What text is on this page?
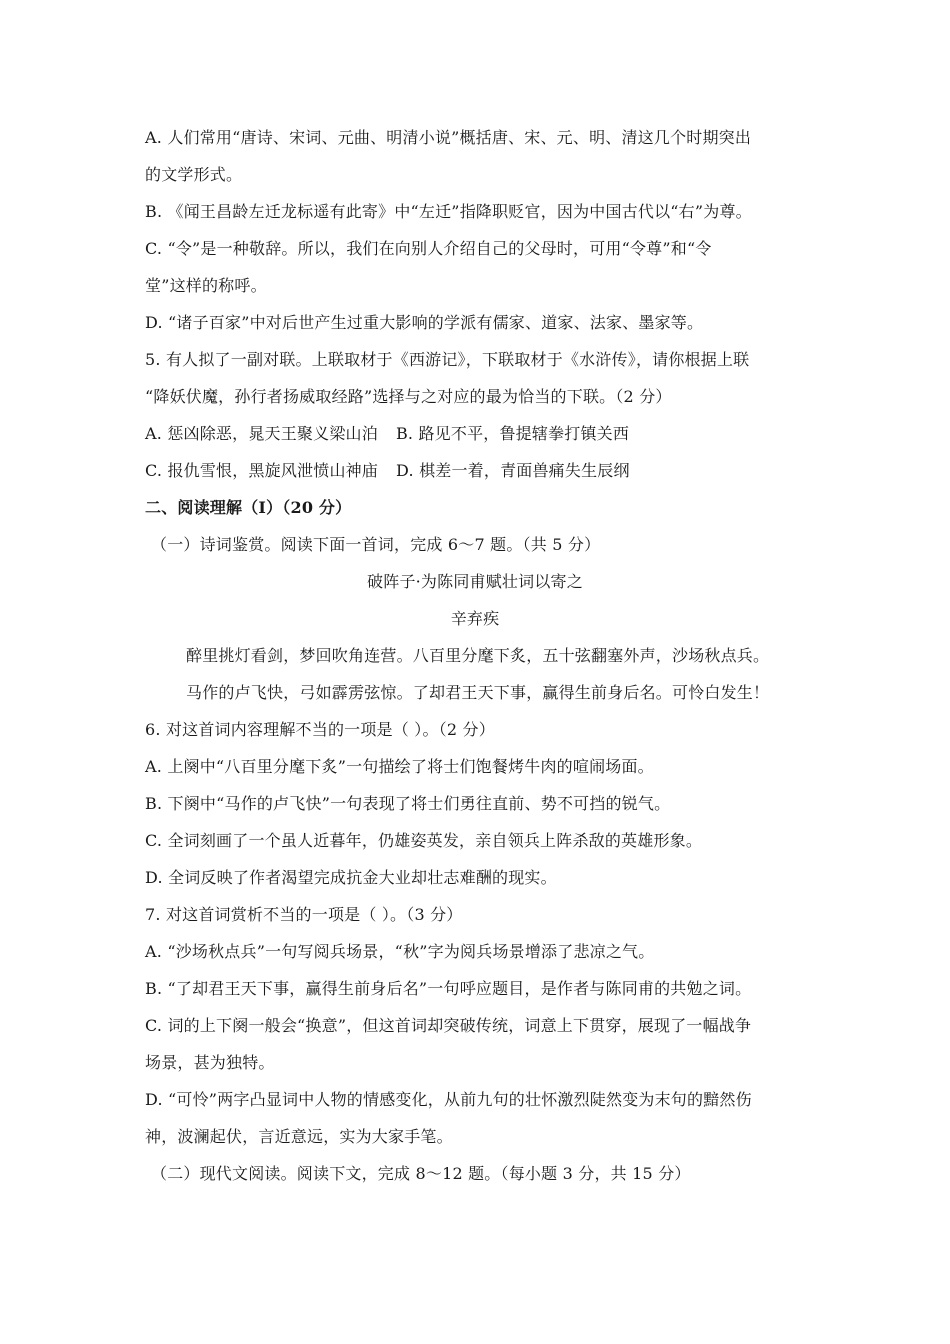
A. 人们常用“唐诗、宋词、元曲、明清小说”概括唐、宋、元、明、清这几个时期突出
的文学形式。
B. 《闻王昌龄左迁龙标遥有此寄》中“左迁”指降职贬官，因为中国古代以“右”为尊。
C. “令”是一种敬辞。所以，我们在向别人介绍自己的父母时，可用“令尊”和“令
堂”这样的称呼。
D. “诸子百家”中对后世产生过重大影响的学派有儒家、道家、法家、墨家等。
5. 有人拟了一副对联。上联取材于《西游记》，下联取材于《水浒传》，请你根据上联
“降妖伏魔，孙行者扬威取经路”选择与之对应的最为恰当的下联。（2 分）
A. 惩凶除恶，晁天王聚义梁山泊 B. 路见不平，鲁提辖拳打镇关西
C. 报仇雪恨，黑旋风泄愤山神庙 D. 棋差一着，青面兽痛失生辰纲
二、阅读理解（Ⅰ）（20 分）
（一）诗词鉴赏。阅读下面一首词，完成 6～7 题。（共 5 分）
破阵子·为陈同甫赋壮词以寄之
辛弃疾
醉里挑灯看剑，梦回吹角连营。八百里分麾下炙，五十弦翻塞外声，沙场秋点兵。
马作的卢飞快，弓如霹雳弦惊。了却君王天下事，赢得生前身后名。可怜白发生！
6. 对这首词内容理解不当的一项是（ ）。（2 分）
A. 上阕中“八百里分麾下炙”一句描绘了将士们饱餐烤牛肉的喧闹场面。
B. 下阕中“马作的卢飞快”一句表现了将士们勇往直前、势不可挡的锐气。
C. 全词刻画了一个虽人近暮年，仍雄姿英发，亲自领兵上阵杀敌的英雄形象。
D. 全词反映了作者渴望完成抗金大业却壮志难酬的现实。
7. 对这首词赏析不当的一项是（ ）。（3 分）
A. “沙场秋点兵”一句写阅兵场景，“秋”字为阅兵场景增添了悲凉之气。
B. “了却君王天下事，赢得生前身后名”一句呼应题目，是作者与陈同甫的共勉之词。
C. 词的上下阕一般会“换意”，但这首词却突破传统，词意上下贯穿，展现了一幅战争
场景，甚为独特。
D. “可怜”两字凸显词中人物的情感变化，从前九句的壮怀激烈陡然变为末句的黯然伤
神，波澜起伏，言近意远，实为大家手笔。
（二）现代文阅读。阅读下文，完成 8～12 题。（每小题 3 分，共 15 分）
